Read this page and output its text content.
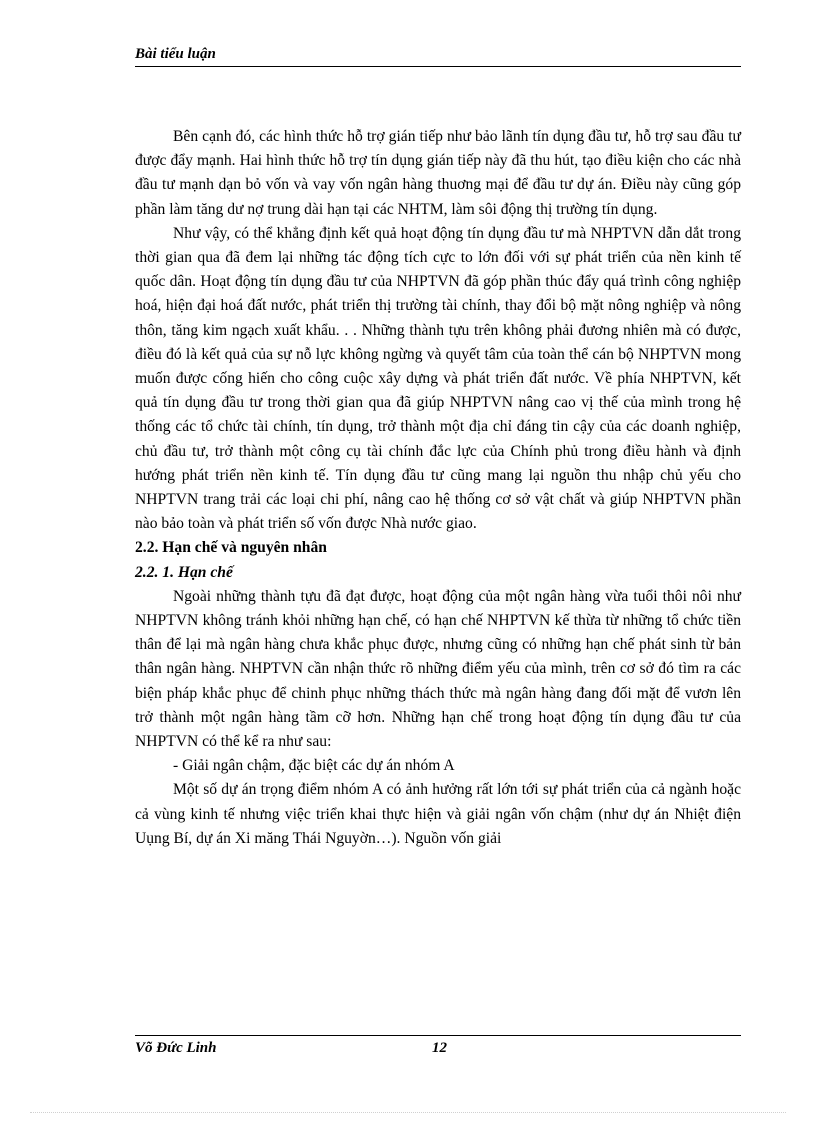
Bài tiểu luận

Bên cạnh đó, các hình thức hỗ trợ gián tiếp như bảo lãnh tín dụng đầu tư, hỗ trợ sau đầu tư được đẩy mạnh. Hai hình thức hỗ trợ tín dụng gián tiếp này đã thu hút, tạo điều kiện cho các nhà đầu tư mạnh dạn bỏ vốn và vay vốn ngân hàng thuơng mại để đầu tư dự án. Điều này cũng góp phần làm tăng dư nợ trung dài hạn tại các NHTM, làm sôi động thị trường tín dụng.

Như vậy, có thể khẳng định kết quả hoạt động tín dụng đầu tư mà NHPTVN dẫn dắt trong thời gian qua đã đem lại những tác động tích cực to lớn đối với sự phát triển của nền kinh tế quốc dân. Hoạt động tín dụng đầu tư của NHPTVN đã góp phần thúc đẩy quá trình công nghiệp hoá, hiện đại hoá đất nước, phát triển thị trường tài chính, thay đổi bộ mặt nông nghiệp và nông thôn, tăng kim ngạch xuất khẩu. . . Những thành tựu trên không phải đương nhiên mà có được, điều đó là kết quả của sự nỗ lực không ngừng và quyết tâm của toàn thể cán bộ NHPTVN mong muốn được cống hiến cho công cuộc xây dựng và phát triển đất nước. Về phía NHPTVN, kết quả tín dụng đầu tư trong thời gian qua đã giúp NHPTVN nâng cao vị thế của mình trong hệ thống các tổ chức tài chính, tín dụng, trở thành một địa chỉ đáng tin cậy của các doanh nghiệp, chủ đầu tư, trở thành một công cụ tài chính đắc lực của Chính phủ trong điều hành và định hướng phát triển nền kinh tế. Tín dụng đầu tư cũng mang lại nguồn thu nhập chủ yếu cho NHPTVN trang trải các loại chi phí, nâng cao hệ thống cơ sở vật chất và giúp NHPTVN phần nào bảo toàn và phát triển số vốn được Nhà nước giao.

2.2. Hạn chế và nguyên nhân
2.2. 1. Hạn chế

Ngoài những thành tựu đã đạt được, hoạt động của một ngân hàng vừa tuổi thôi nôi như NHPTVN không tránh khỏi những hạn chế, có hạn chế NHPTVN kế thừa từ những tổ chức tiền thân để lại mà ngân hàng chưa khắc phục được, nhưng cũng có những hạn chế phát sinh từ bản thân ngân hàng. NHPTVN cần nhận thức rõ những điểm yếu của mình, trên cơ sở đó tìm ra các biện pháp khắc phục để chinh phục những thách thức mà ngân hàng đang đối mặt để vươn lên trở thành một ngân hàng tầm cỡ hơn. Những hạn chế trong hoạt động tín dụng đầu tư của NHPTVN có thể kể ra như sau:

- Giải ngân chậm, đặc biệt các dự án nhóm A

Một số dự án trọng điểm nhóm A có ảnh hưởng rất lớn tới sự phát triển của cả ngành hoặc cả vùng kinh tế nhưng việc triển khai thực hiện và giải ngân vốn chậm (như dự án Nhiệt điện Uụng Bí, dự án Xi măng Thái Nguyờn…). Nguồn vốn giải

Võ Đức Linh	12
